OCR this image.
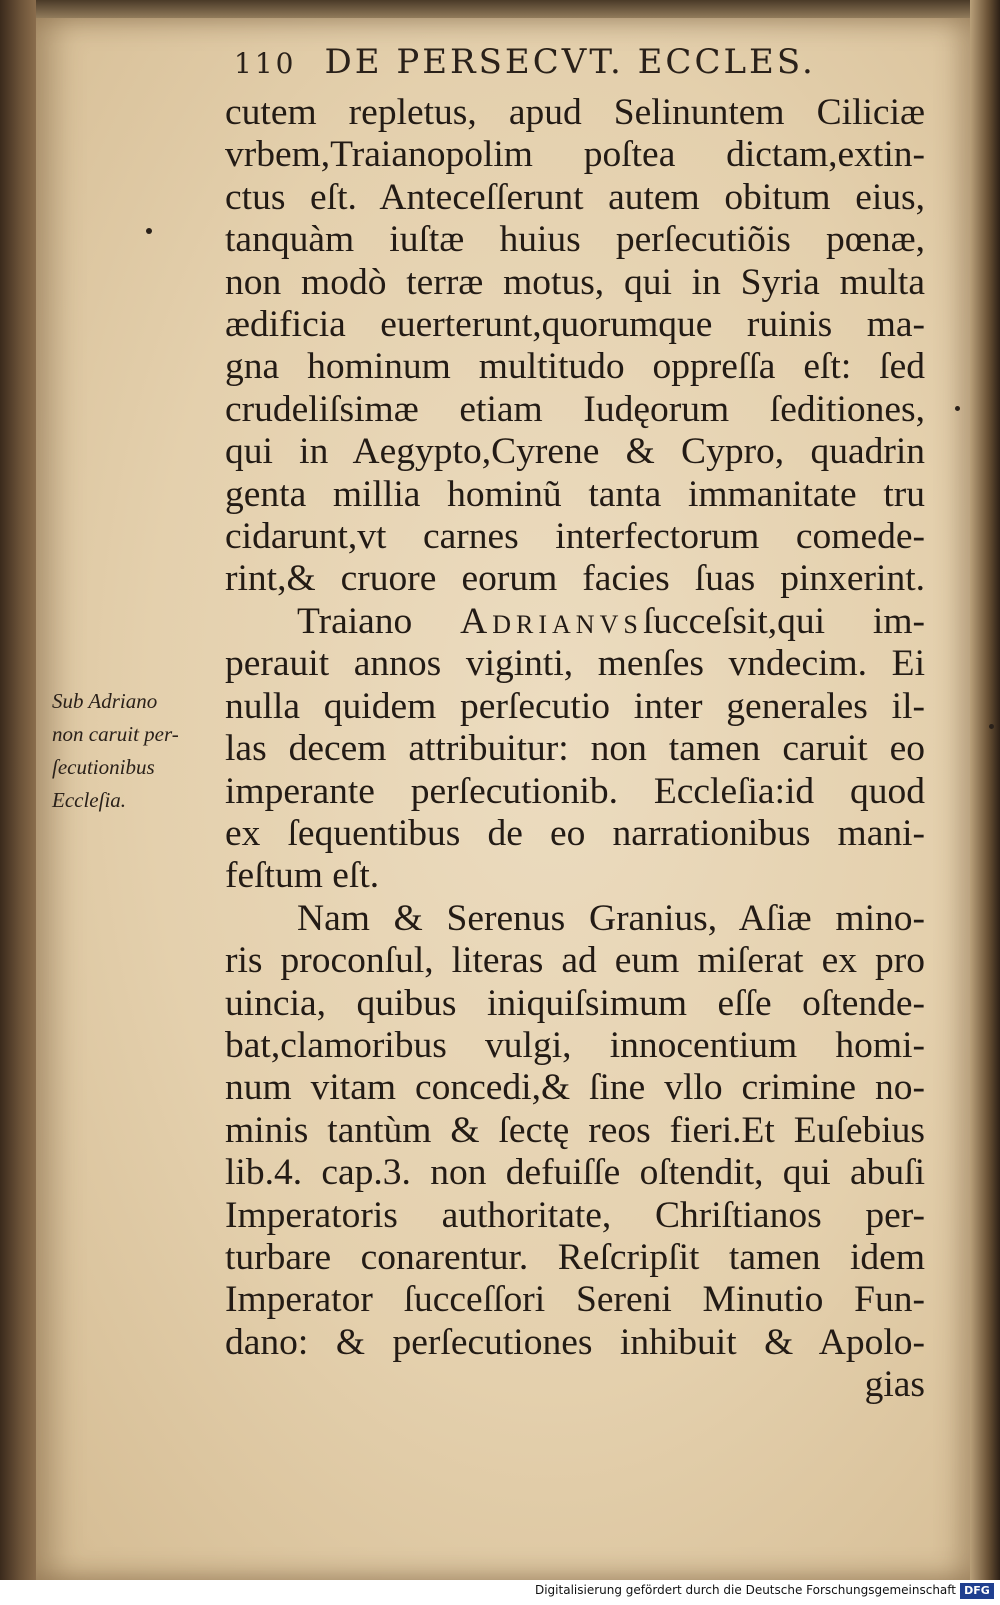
110 DE PERSECVT. ECCLES.
Sub Adriano
non caruit per-
ſecutionibus
Eccleſia.
cutem repletus, apud Selinuntem Ciliciæ
vrbem,Traianopolim poſtea dictam,extin-
ctus eſt. Anteceſſerunt autem obitum eius,
tanquàm iuſtæ huius perſecutiõis pœnæ,
non modò terræ motus, qui in Syria multa
ædificia euerterunt,quorumque ruinis ma-
gna hominum multitudo oppreſſa eſt: ſed
crudeliſsimæ etiam Iudęorum ſeditiones,
qui in Aegypto,Cyrene & Cypro, quadrin
genta millia hominũ tanta immanitate tru
cidarunt,vt carnes interfectorum comede-
rint,& cruore eorum facies ſuas pinxerint.
Traiano Adrianvsſucceſsit,qui im-
perauit annos viginti, menſes vndecim. Ei
nulla quidem perſecutio inter generales il-
las decem attribuitur: non tamen caruit eo
imperante perſecutionib. Eccleſia:id quod
ex ſequentibus de eo narrationibus mani-
feſtum eſt.
Nam & Serenus Granius, Aſiæ mino-
ris proconſul, literas ad eum miſerat ex pro
uincia, quibus iniquiſsimum eſſe oſtende-
bat,clamoribus vulgi, innocentium homi-
num vitam concedi,& ſine vllo crimine no-
minis tantùm & ſectę reos fieri.Et Euſebius
lib.4. cap.3. non defuiſſe oſtendit, qui abuſi
Imperatoris authoritate, Chriſtianos per-
turbare conarentur. Reſcripſit tamen idem
Imperator ſucceſſori Sereni Minutio Fun-
dano: & perſecutiones inhibuit & Apolo-
gias
Digitalisierung gefördert durch die Deutsche Forschungsgemeinschaft DFG
